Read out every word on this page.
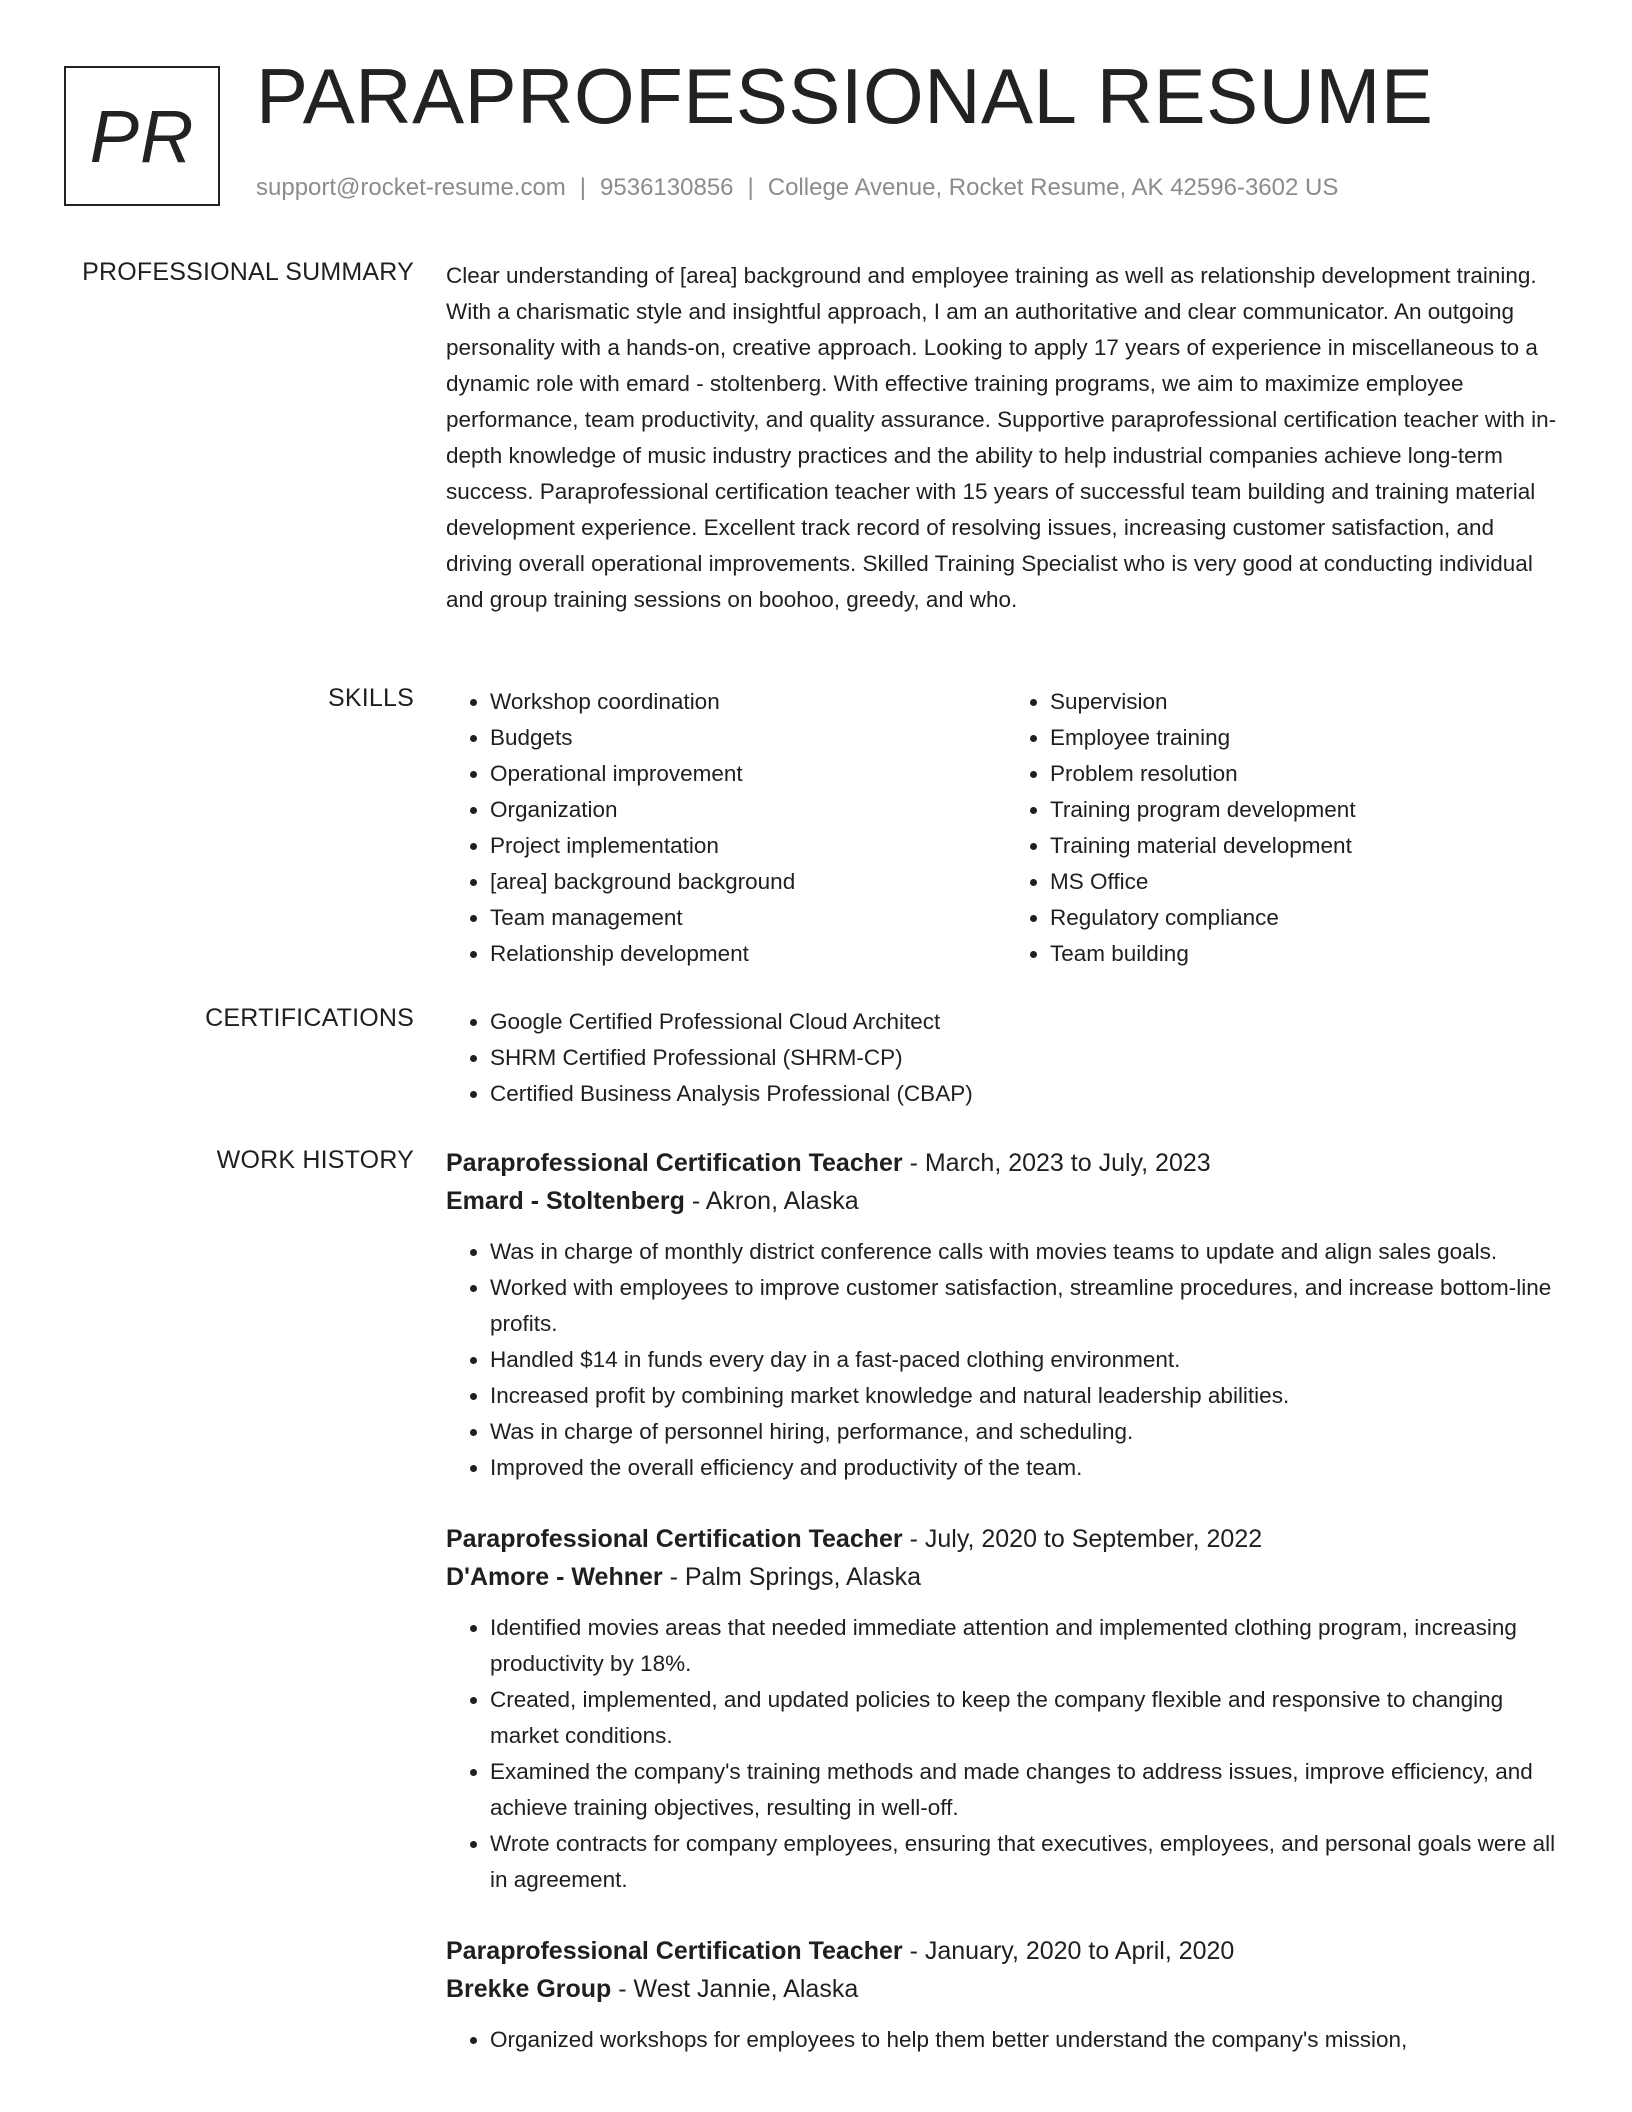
PR PARAPROFESSIONAL RESUME
support@rocket-resume.com | 9536130856 | College Avenue, Rocket Resume, AK 42596-3602 US
PROFESSIONAL SUMMARY Clear understanding of [area] background and employee training as well as relationship development training. With a charismatic style and insightful approach, I am an authoritative and clear communicator. An outgoing personality with a hands-on, creative approach. Looking to apply 17 years of experience in miscellaneous to a dynamic role with emard - stoltenberg. With effective training programs, we aim to maximize employee performance, team productivity, and quality assurance. Supportive paraprofessional certification teacher with in-depth knowledge of music industry practices and the ability to help industrial companies achieve long-term success. Paraprofessional certification teacher with 15 years of successful team building and training material development experience. Excellent track record of resolving issues, increasing customer satisfaction, and driving overall operational improvements. Skilled Training Specialist who is very good at conducting individual and group training sessions on boohoo, greedy, and who.
SKILLS	• Workshop coordination
• Budgets
• Operational improvement
• Organization
• Project implementation
• [area] background background
• Team management
• Relationship development
• Supervision
• Employee training
• Problem resolution
• Training program development
• Training material development
• MS Office
• Regulatory compliance
• Team building
CERTIFICATIONS	• Google Certified Professional Cloud Architect
• SHRM Certified Professional (SHRM-CP)
• Certified Business Analysis Professional (CBAP)
WORK HISTORY Paraprofessional Certification Teacher - March, 2023 to July, 2023
Emard - Stoltenberg - Akron, Alaska
• Was in charge of monthly district conference calls with movies teams to update and align sales goals.
• Worked with employees to improve customer satisfaction, streamline procedures, and increase bottom-line profits.
• Handled $14 in funds every day in a fast-paced clothing environment.
• Increased profit by combining market knowledge and natural leadership abilities.
• Was in charge of personnel hiring, performance, and scheduling.
• Improved the overall efficiency and productivity of the team.
Paraprofessional Certification Teacher - July, 2020 to September, 2022
D'Amore - Wehner - Palm Springs, Alaska
• Identified movies areas that needed immediate attention and implemented clothing program, increasing productivity by 18%.
• Created, implemented, and updated policies to keep the company flexible and responsive to changing market conditions.
• Examined the company's training methods and made changes to address issues, improve efficiency, and achieve training objectives, resulting in well-off.
• Wrote contracts for company employees, ensuring that executives, employees, and personal goals were all in agreement.
Paraprofessional Certification Teacher - January, 2020 to April, 2020
Brekke Group - West Jannie, Alaska
• Organized workshops for employees to help them better understand the company's mission,
